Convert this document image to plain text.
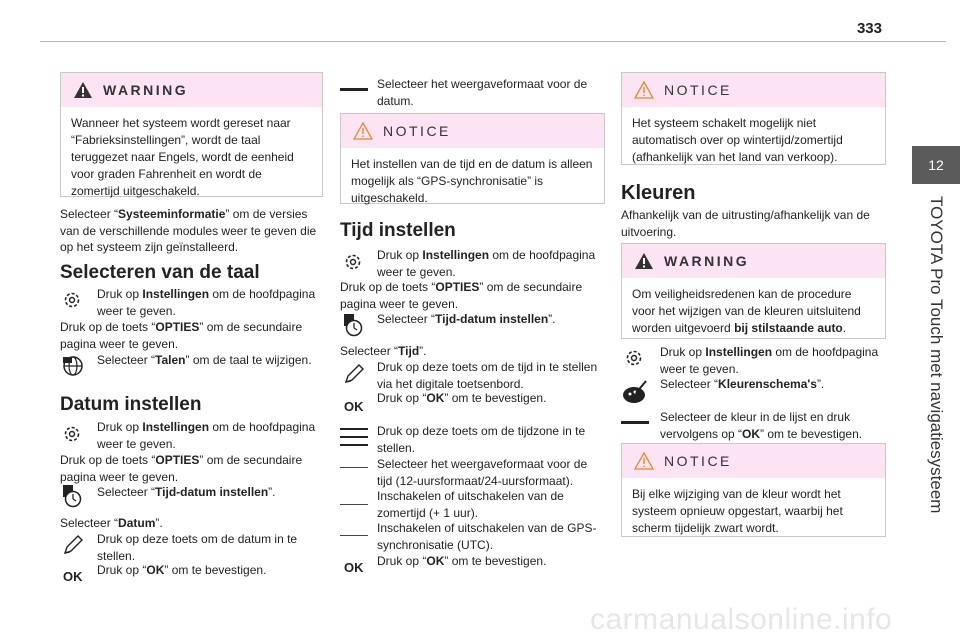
333
12
TOYOTA Pro Touch met navigatiesysteem
WARNING
Wanneer het systeem wordt gereset naar “Fabrieksinstellingen”, wordt de taal teruggezet naar Engels, wordt de eenheid voor graden Fahrenheit en wordt de zomertijd uitgeschakeld.
Selecteer “Systeeminformatie” om de versies van de verschillende modules weer te geven die op het systeem zijn geïnstalleerd.
Selecteren van de taal
Druk op Instellingen om de hoofdpagina weer te geven.
Druk op de toets “OPTIES” om de secundaire pagina weer te geven.
Selecteer “Talen” om de taal te wijzigen.
Datum instellen
Druk op Instellingen om de hoofdpagina weer te geven.
Druk op de toets “OPTIES” om de secundaire pagina weer te geven.
Selecteer “Tijd-datum instellen”.
Selecteer “Datum”.
Druk op deze toets om de datum in te stellen.
OK Druk op “OK” om te bevestigen.
Selecteer het weergaveformaat voor de datum.
NOTICE
Het instellen van de tijd en de datum is alleen mogelijk als “GPS-synchronisatie” is uitgeschakeld.
Tijd instellen
Druk op Instellingen om de hoofdpagina weer te geven.
Druk op de toets “OPTIES” om de secundaire pagina weer te geven.
Selecteer “Tijd-datum instellen”.
Selecteer “Tijd”.
Druk op deze toets om de tijd in te stellen via het digitale toetsenbord.
OK
Druk op “OK” om te bevestigen.
Druk op deze toets om de tijdzone in te stellen.
Selecteer het weergaveformaat voor de tijd (12-uursformaat/24-uursformaat).
Inschakelen of uitschakelen van de zomertijd (+ 1 uur).
Inschakelen of uitschakelen van de GPS-synchronisatie (UTC).
OK Druk op “OK” om te bevestigen.
NOTICE
Het systeem schakelt mogelijk niet automatisch over op wintertijd/zomertijd (afhankelijk van het land van verkoop).
Kleuren
Afhankelijk van de uitrusting/afhankelijk van de uitvoering.
WARNING
Om veiligheidsredenen kan de procedure voor het wijzigen van de kleuren uitsluitend worden uitgevoerd bij stilstaande auto.
Druk op Instellingen om de hoofdpagina weer te geven.
Selecteer “Kleurenschema's”.
Selecteer de kleur in de lijst en druk vervolgens op “OK” om te bevestigen.
NOTICE
Bij elke wijziging van de kleur wordt het systeem opnieuw opgestart, waarbij het scherm tijdelijk zwart wordt.
carmanualsonline.info
